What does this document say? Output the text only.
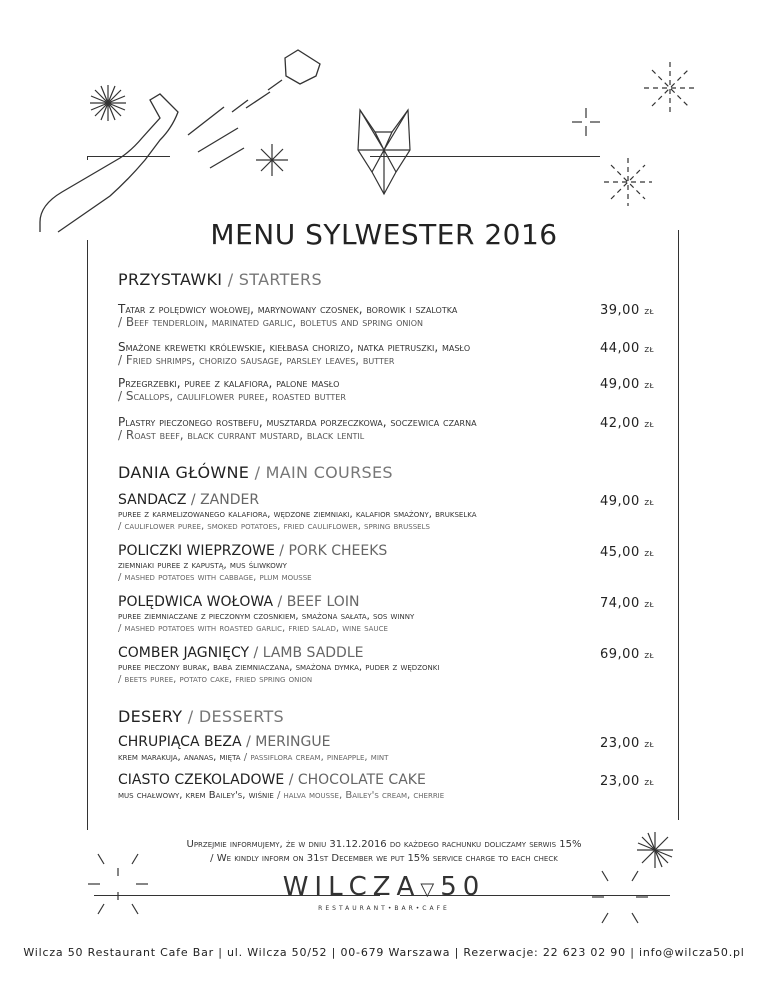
MENU SYLWESTER 2016
PRZYSTAWKI / STARTERS
Tatar z polędwicy wołowej, marynowany czosnek, borowik i szalotka
/ Beef tenderloin, marinated garlic, boletus and spring onion
39,00 zł
Smażone krewetki królewskie, kiełbasa chorizo, natka pietruszki, masło
/ Fried shrimps, chorizo sausage, parsley leaves, butter
44,00 zł
Przegrzebki, puree z kalafiora, palone masło
/ Scallops, cauliflower puree, roasted butter
49,00 zł
Plastry pieczonego rostbefu, musztarda porzeczkowa, soczewica czarna
/ Roast beef, black currant mustard, black lentil
42,00 zł
DANIA GŁÓWNE / MAIN COURSES
SANDACZ / ZANDER
puree z karmelizowanego kalafiora, wędzone ziemniaki, kalafior smażony, brukselka
/ cauliflower puree, smoked potatoes, fried cauliflower, spring brussels
49,00 zł
POLICZKI WIEPRZOWE / PORK CHEEKS
ziemniaki puree z kapustą, mus śliwkowy
/ mashed potatoes with cabbage, plum mousse
45,00 zł
POLĘDWICA WOŁOWA / BEEF LOIN
puree ziemniaczane z pieczonym czosnkiem, smażona sałata, sos winny
/ mashed potatoes with roasted garlic, fried salad, wine sauce
74,00 zł
COMBER JAGNIĘCY / LAMB SADDLE
puree pieczony burak, baba ziemniaczana, smażona dymka, puder z wędzonki
/ beets puree, potato cake, fried spring onion
69,00 zł
DESERY / DESSERTS
CHRUPIĄCA BEZA / MERINGUE
krem marakuja, ananas, mięta / passiflora cream, pineapple, mint
23,00 zł
CIASTO CZEKOLADOWE / CHOCOLATE CAKE
mus chałwowy, krem Bailey's, wiśnie / halva mousse, Bailey's cream, cherrie
23,00 zł
Uprzejmie informujemy, że w dniu 31.12.2016 do każdego rachunku doliczamy serwis 15%
/ We kindly inform on 31st December we put 15% service charge to each check
WILCZA▽50
RESTAURANT•BAR•CAFE
Wilcza 50 Restaurant Cafe Bar | ul. Wilcza 50/52 | 00-679 Warszawa | Rezerwacje: 22 623 02 90 | info@wilcza50.pl
